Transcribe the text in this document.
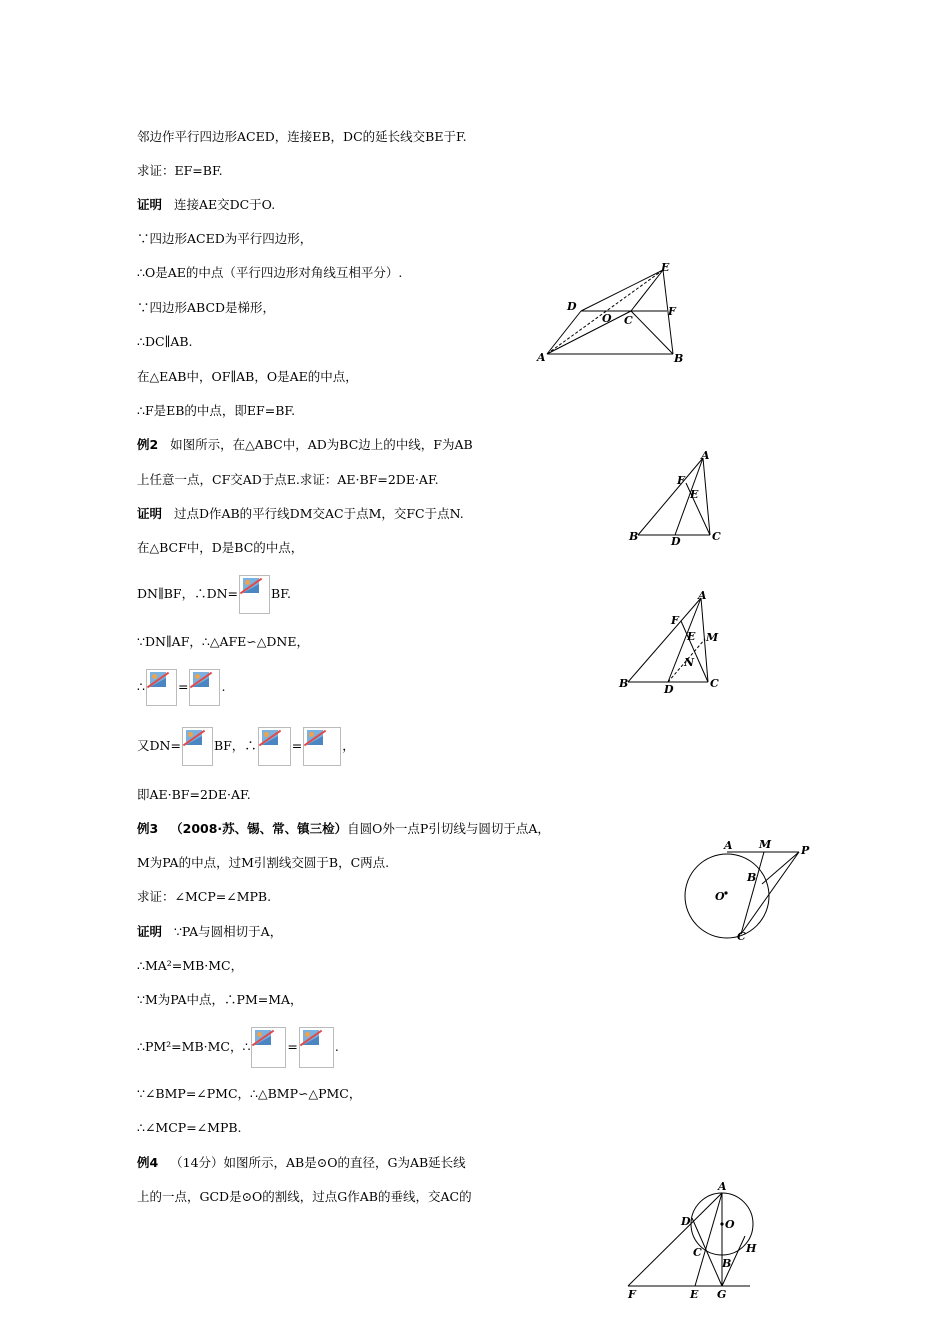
邻边作平行四边形ACED，连接EB，DC的延长线交BE于F.
求证：EF=BF.
证明 连接AE交DC于O.
∵四边形ACED为平行四边形，
∴O是AE的中点（平行四边形对角线互相平分）.
∵四边形ABCD是梯形，
∴DC∥AB.
在△EAB中，OF∥AB，O是AE的中点，
∴F是EB的中点，即EF=BF.
例2 如图所示，在△ABC中，AD为BC边上的中线，F为AB
上任意一点，CF交AD于点E.求证：AE·BF=2DE·AF.
证明 过点D作AB的平行线DM交AC于点M，交FC于点N.
在△BCF中，D是BC的中点，
DN∥BF，∴DN=	BF.
∵DN∥AF，∴△AFE∽△DNE，
∴	=	.
又DN=	BF，∴	=	，
即AE·BF=2DE·AF.
例3 （2008·苏、锡、常、镇三检）自圆O外一点P引切线与圆切于点A，
M为PA的中点，过M引割线交圆于B，C两点.
求证：∠MCP=∠MPB.
证明 ∵PA与圆相切于A，
∴MA²=MB·MC，
∵M为PA中点，∴PM=MA，
∴PM²=MB·MC，∴	=	.
∵∠BMP=∠PMC，∴△BMP∽△PMC，
∴∠MCP=∠MPB.
例4 （14分）如图所示，AB是⊙O的直径，G为AB延长线
上的一点，GCD是⊙O的割线，过点G作AB的垂线，交AC的
A	B
C
D
E
F
O
B	C
D
A
F
E
B	C
D
A
F
E M
N
A M	P
B
O
C
A
O
D
C	H
B
F	E G
